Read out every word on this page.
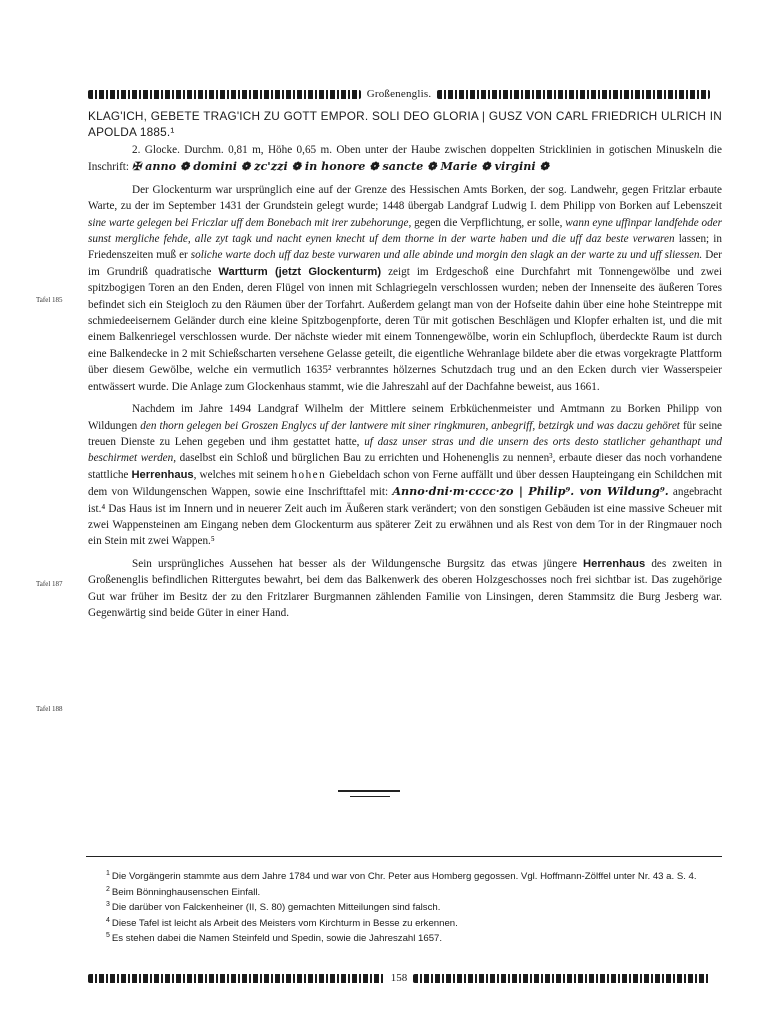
Großenenglis.
Tafel 185
Tafel 187
Tafel 188

KLAG'ICH, GEBETE TRAG'ICH ZU GOTT EMPOR. SOLI DEO GLORIA | GUSZ VON CARL FRIEDRICH ULRICH IN APOLDA 1885.¹

2. Glocke. Durchm. 0,81 m, Höhe 0,65 m. Oben unter der Haube zwischen doppelten Stricklinien in gotischen Minuskeln die Inschrift: ✠ anno ❁ domini ❁ zc'zzi ❁ in honore ❁ sancte ❁ Marie ❁ virgini ❁

Der Glockenturm war ursprünglich eine auf der Grenze des Hessischen Amts Borken, der sog. Landwehr, gegen Fritzlar erbaute Warte, zu der im September 1431 der Grundstein gelegt wurde; 1448 übergab Landgraf Ludwig I. dem Philipp von Borken auf Lebenszeit sine warte gelegen bei Friczlar uff dem Bonebach mit irer zubehorunge, gegen die Verpflichtung, er solle, wann eyne uffinpar landfehde oder sunst mergliche fehde, alle zyt tagk und nacht eynen knecht uf dem thorne in der warte haben und die uff daz beste verwaren lassen; in Friedenszeiten muß er soliche warte doch uff daz beste vurwaren und alle abinde und morgin den slagk an der warte zu und uff sliessen. Der im Grundriß quadratische Wartturm (jetzt Glockenturm) zeigt im Erdgeschoß eine Durchfahrt mit Tonnengewölbe und zwei spitzbogigen Toren an den Enden, deren Flügel von innen mit Schlagriegeln verschlossen wurden; neben der Innenseite des äußeren Tores befindet sich ein Steigloch zu den Räumen über der Torfahrt. Außerdem gelangt man von der Hofseite dahin über eine hohe Steintreppe mit schmiedeeisernem Geländer durch eine kleine Spitzbogenpforte, deren Tür mit gotischen Beschlägen und Klopfer erhalten ist, und die mit einem Balkenriegel verschlossen wurde. Der nächste wieder mit einem Tonnengewölbe, worin ein Schlupfloch, überdeckte Raum ist durch eine Balkendecke in 2 mit Schießscharten versehene Gelasse geteilt, die eigentliche Wehranlage bildete aber die etwas vorgekragte Plattform über diesem Gewölbe, welche ein vermutlich 1635² verbranntes hölzernes Schutzdach trug und an den Ecken durch vier Wasserspeier entwässert wurde. Die Anlage zum Glockenhaus stammt, wie die Jahreszahl auf der Dachfahne beweist, aus 1661.

Nachdem im Jahre 1494 Landgraf Wilhelm der Mittlere seinem Erbküchenmeister und Amtmann zu Borken Philipp von Wildungen den thorn gelegen bei Groszen Englycs uf der lantwere mit siner ringkmuren, anbegriff, betzirgk und was daczu gehöret für seine treuen Dienste zu Lehen gegeben und ihm gestattet hatte, uf dasz unser stras und die unsern des orts desto statlicher gehanthapt und beschirmet werden, daselbst ein Schloß und bürglichen Bau zu errichten und Hohenenglis zu nennen³, erbaute dieser das noch vorhandene stattliche Herrenhaus, welches mit seinem hohen Giebeldach schon von Ferne auffällt und über dessen Haupteingang ein Schildchen mit dem von Wildungenschen Wappen, sowie eine Inschrifttafel mit: Anno·dni·m·cccc·zo | Philip⁹. von Wildung⁹. angebracht ist.⁴ Das Haus ist im Innern und in neuerer Zeit auch im Äußeren stark verändert; von den sonstigen Gebäuden ist eine massive Scheuer mit zwei Wappensteinen am Eingang neben dem Glockenturm aus späterer Zeit zu erwähnen und als Rest von dem Tor in der Ringmauer noch ein Stein mit zwei Wappen.⁵

Sein ursprüngliches Aussehen hat besser als der Wildungensche Burgsitz das etwas jüngere Herrenhaus des zweiten in Großenenglis befindlichen Rittergutes bewahrt, bei dem das Balkenwerk des oberen Holzgeschosses noch frei sichtbar ist. Das zugehörige Gut war früher im Besitz der zu den Fritzlarer Burgmannen zählenden Familie von Linsingen, deren Stammsitz die Burg Jesberg war. Gegenwärtig sind beide Güter in einer Hand.

$^1$ Die Vorgängerin stammte aus dem Jahre 1784 und war von Chr. Peter aus Homberg gegossen. Vgl. Hoffmann-Zölffel unter Nr. 43 a. S. 4.

$^2$ Beim Bönninghausenschen Einfall.

$^3$ Die darüber von Falckenheiner (II, S. 80) gemachten Mitteilungen sind falsch.

$^4$ Diese Tafel ist leicht als Arbeit des Meisters vom Kirchturm in Besse zu erkennen.

$^5$ Es stehen dabei die Namen Steinfeld und Spedin, sowie die Jahreszahl 1657.

158
